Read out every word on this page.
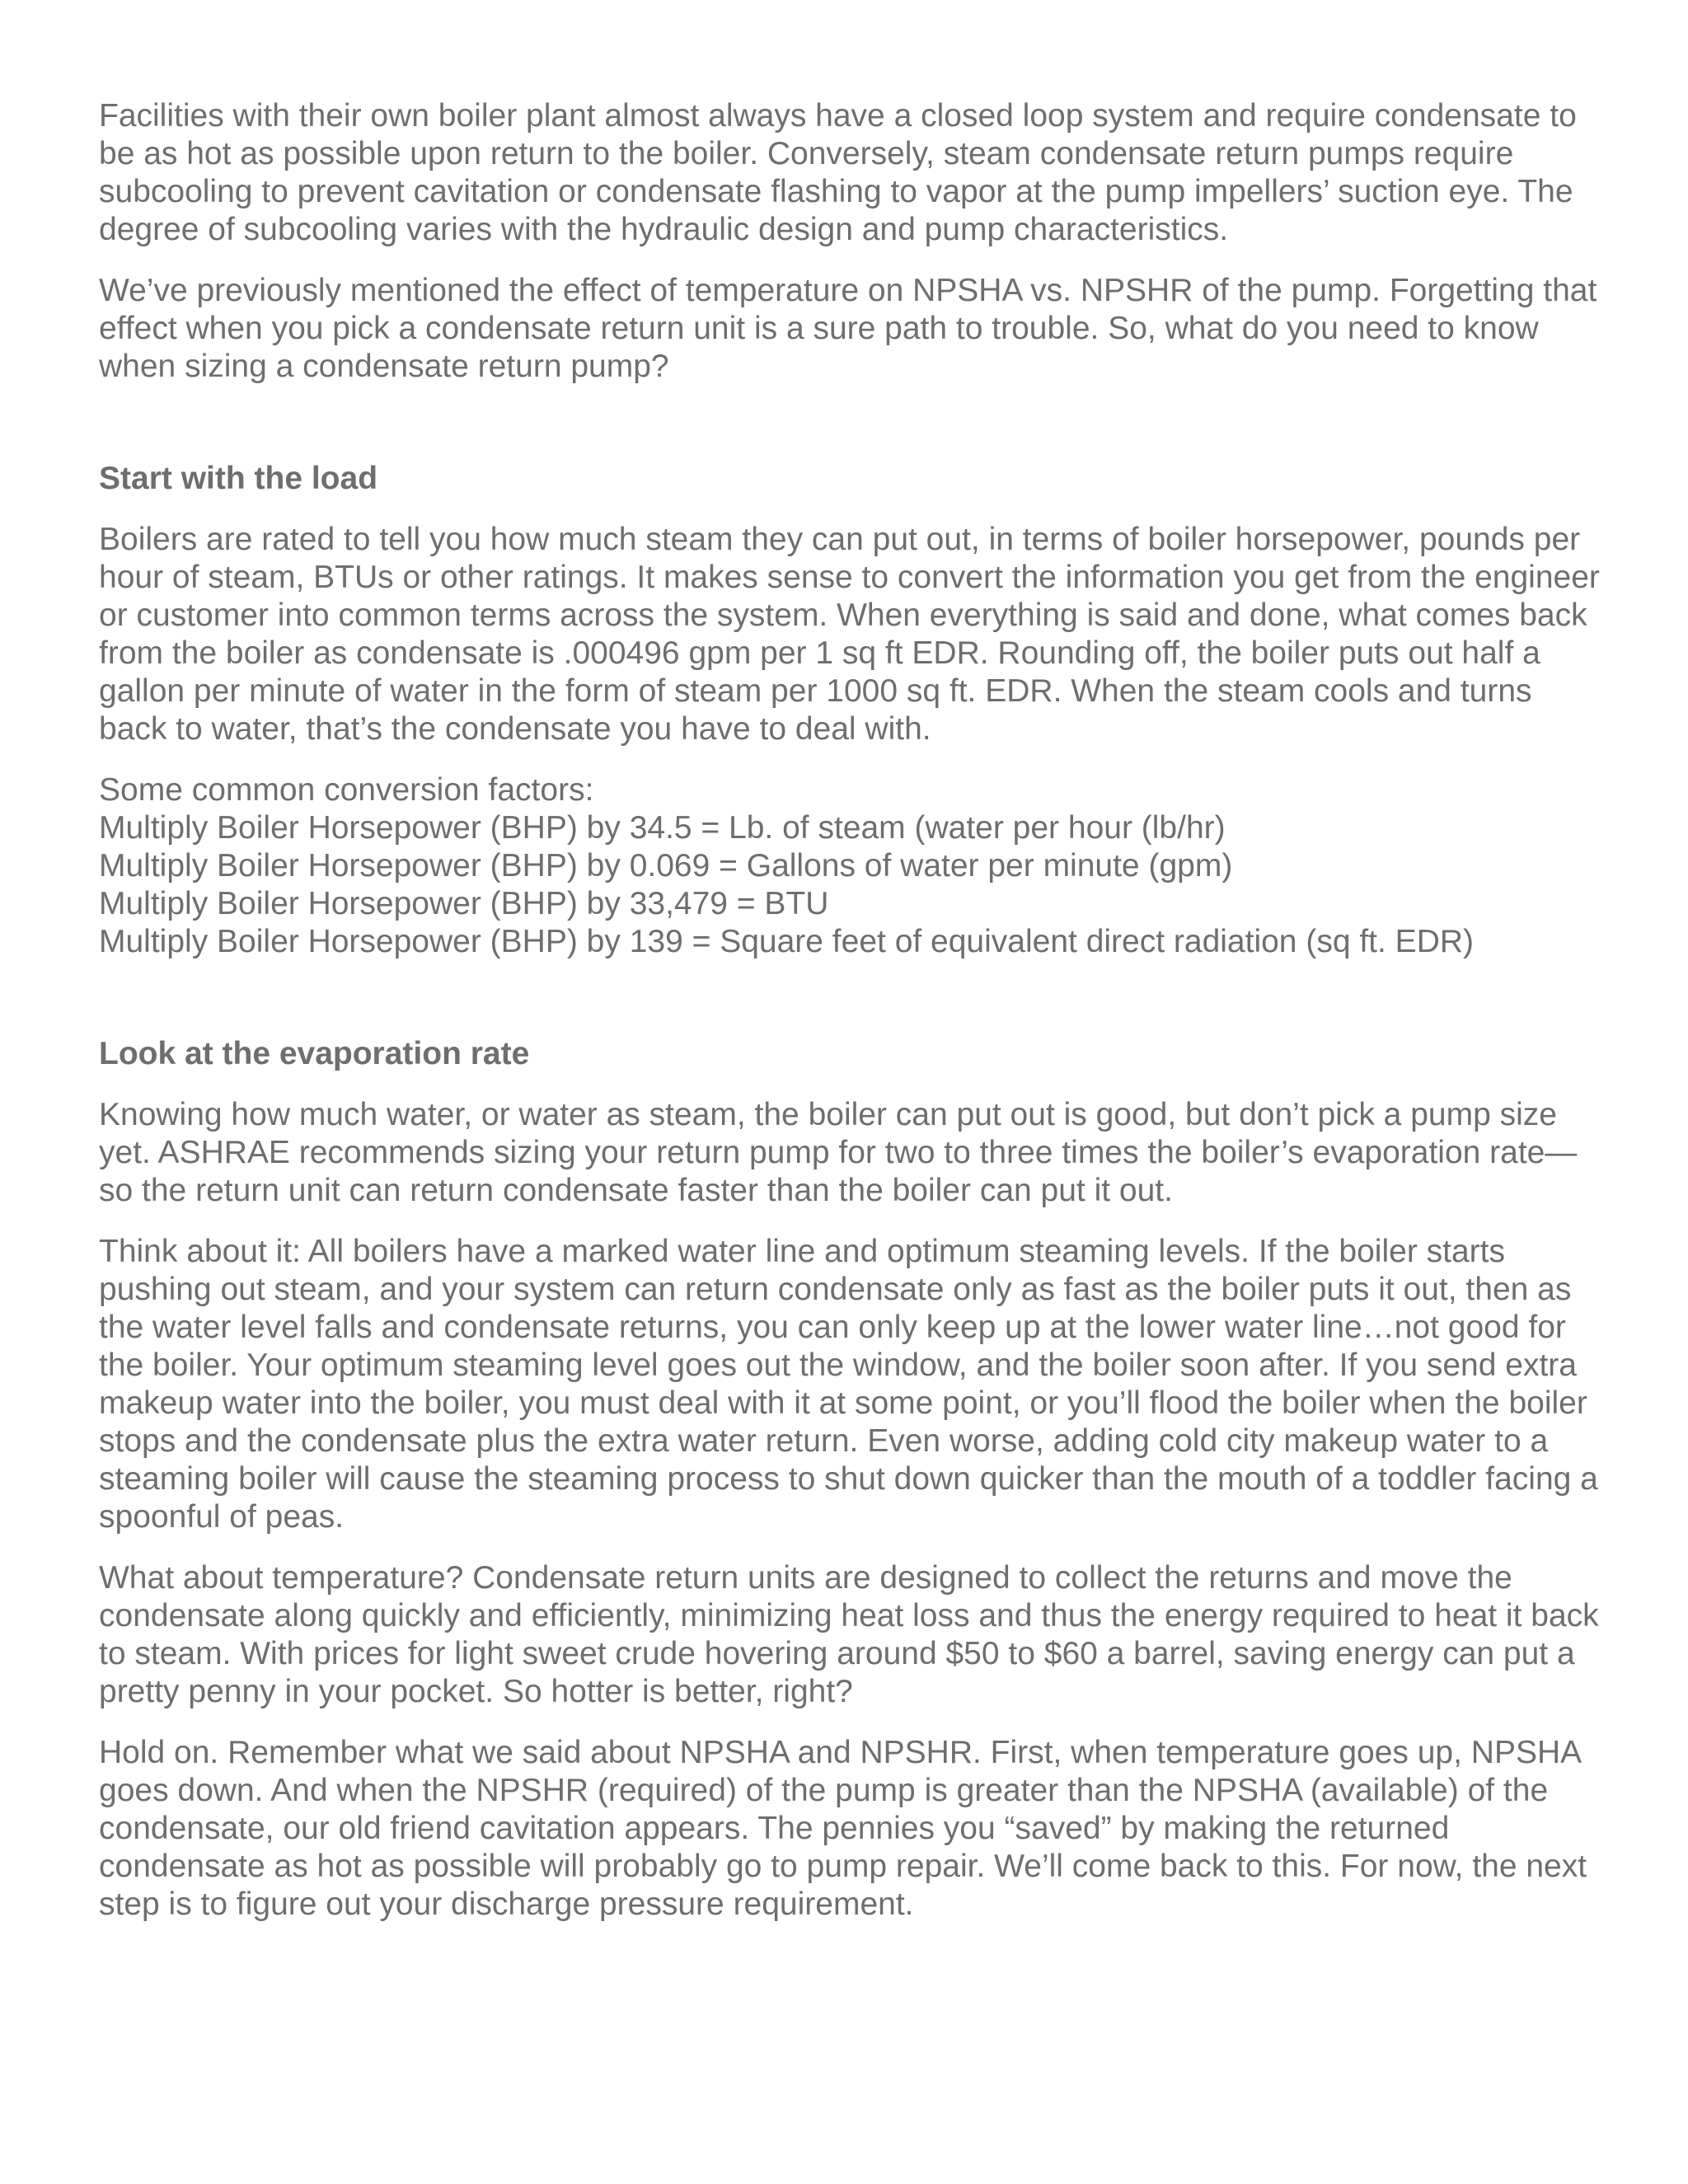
Facilities with their own boiler plant almost always have a closed loop system and require condensate to be as hot as possible upon return to the boiler. Conversely, steam condensate return pumps require subcooling to prevent cavitation or condensate flashing to vapor at the pump impellers’ suction eye. The degree of subcooling varies with the hydraulic design and pump characteristics.

We’ve previously mentioned the effect of temperature on NPSHA vs. NPSHR of the pump. Forgetting that effect when you pick a condensate return unit is a sure path to trouble. So, what do you need to know when sizing a condensate return pump?

Start with the load

Boilers are rated to tell you how much steam they can put out, in terms of boiler horsepower, pounds per hour of steam, BTUs or other ratings. It makes sense to convert the information you get from the engineer or customer into common terms across the system. When everything is said and done, what comes back from the boiler as condensate is .000496 gpm per 1 sq ft EDR. Rounding off, the boiler puts out half a gallon per minute of water in the form of steam per 1000 sq ft. EDR. When the steam cools and turns back to water, that’s the condensate you have to deal with.

Some common conversion factors:
Multiply Boiler Horsepower (BHP) by 34.5 = Lb. of steam (water per hour (lb/hr)
Multiply Boiler Horsepower (BHP) by 0.069 = Gallons of water per minute (gpm)
Multiply Boiler Horsepower (BHP) by 33,479 = BTU
Multiply Boiler Horsepower (BHP) by 139 = Square feet of equivalent direct radiation (sq ft. EDR)

Look at the evaporation rate

Knowing how much water, or water as steam, the boiler can put out is good, but don’t pick a pump size yet. ASHRAE recommends sizing your return pump for two to three times the boiler’s evaporation rate—so the return unit can return condensate faster than the boiler can put it out.

Think about it: All boilers have a marked water line and optimum steaming levels. If the boiler starts pushing out steam, and your system can return condensate only as fast as the boiler puts it out, then as the water level falls and condensate returns, you can only keep up at the lower water line…not good for the boiler. Your optimum steaming level goes out the window, and the boiler soon after. If you send extra makeup water into the boiler, you must deal with it at some point, or you’ll flood the boiler when the boiler stops and the condensate plus the extra water return. Even worse, adding cold city makeup water to a steaming boiler will cause the steaming process to shut down quicker than the mouth of a toddler facing a spoonful of peas.

What about temperature? Condensate return units are designed to collect the returns and move the condensate along quickly and efficiently, minimizing heat loss and thus the energy required to heat it back to steam. With prices for light sweet crude hovering around $50 to $60 a barrel, saving energy can put a pretty penny in your pocket. So hotter is better, right?

Hold on. Remember what we said about NPSHA and NPSHR. First, when temperature goes up, NPSHA goes down. And when the NPSHR (required) of the pump is greater than the NPSHA (available) of the condensate, our old friend cavitation appears. The pennies you “saved” by making the returned condensate as hot as possible will probably go to pump repair. We’ll come back to this. For now, the next step is to figure out your discharge pressure requirement.
